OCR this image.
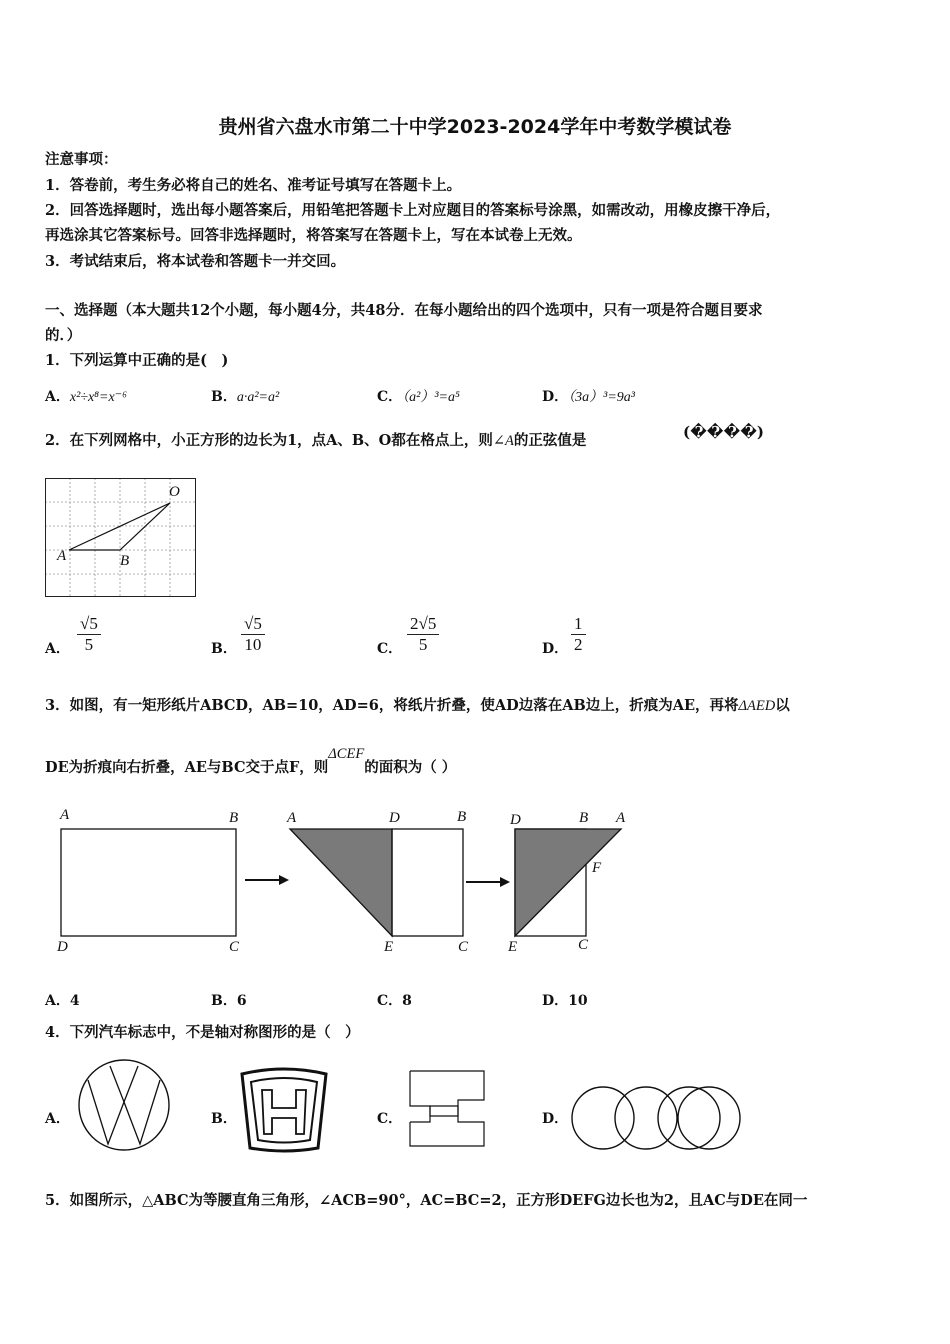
贵州省六盘水市第二十中学2023-2024学年中考数学模试卷
注意事项：
1．答卷前，考生务必将自己的姓名、准考证号填写在答题卡上。
2．回答选择题时，选出每小题答案后，用铅笔把答题卡上对应题目的答案标号涂黑，如需改动，用橡皮擦干净后，
再选涂其它答案标号。回答非选择题时，将答案写在答题卡上，写在本试卷上无效。
3．考试结束后，将本试卷和答题卡一并交回。
一、选择题（本大题共12个小题，每小题4分，共48分．在每小题给出的四个选项中，只有一项是符合题目要求
的．）
1．下列运算中正确的是(　)
A．x²÷x⁸=x⁻⁶	B．a·a²=a²	C．（a²）³=a⁵	D．（3a）³=9a³
2．在下列网格中，小正方形的边长为1，点A、B、O都在格点上，则∠A的正弦值是	(����)
A	B
O
A．
√5
5	B．
√5
10	C．
2√5
5	D．
1
2
3．如图，有一矩形纸片ABCD，AB=10，AD=6，将纸片折叠，使AD边落在AB边上，折痕为AE，再将ΔAED以
DE为折痕向右折叠，AE与BC交于点F，则ΔCEF的面积为（ ）
A	B
D	C
A	D	B
E	C
D	B A
F
E	C
A．4	B．6	C．8	D．10
4．下列汽车标志中，不是轴对称图形的是（　）
A．	B．	C．	D．
5．如图所示，△ABC为等腰直角三角形，∠ACB=90°，AC=BC=2，正方形DEFG边长也为2，且AC与DE在同一
